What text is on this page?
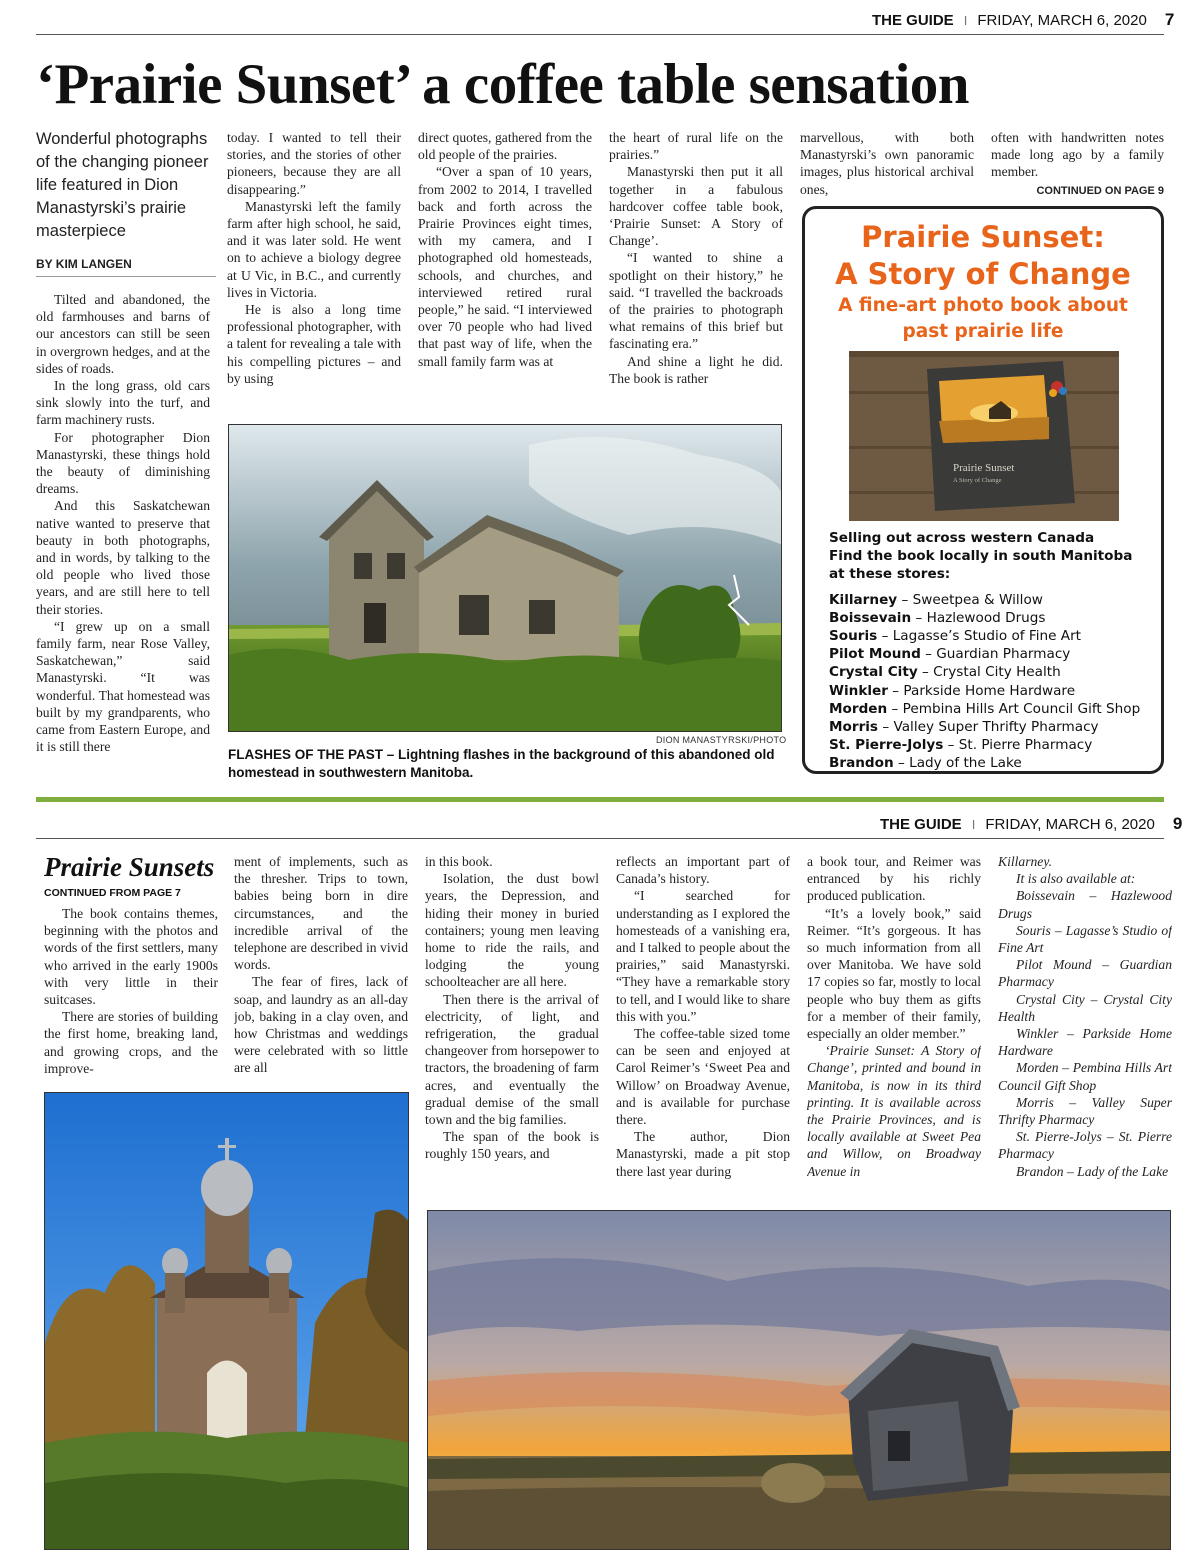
THE GUIDE I FRIDAY, MARCH 6, 2020 7
‘Prairie Sunset’ a coffee table sensation
Wonderful photographs of the changing pioneer life featured in Dion Manastyrski’s prairie masterpiece
BY KIM LANGEN

Tilted and abandoned, the old farmhouses and barns of our ancestors can still be seen in overgrown hedges, and at the sides of roads.

In the long grass, old cars sink slowly into the turf, and farm machinery rusts.

For photographer Dion Manastyrski, these things hold the beauty of diminishing dreams.

And this Saskatchewan native wanted to preserve that beauty in both photographs, and in words, by talking to the old people who lived those years, and are still here to tell their stories.

“I grew up on a small family farm, near Rose Valley, Saskatchewan,” said Manastyrski. “It was wonderful. That homestead was built by my grandparents, who came from Eastern Europe, and it is still there

today. I wanted to tell their stories, and the stories of other pioneers, because they are all disappearing.”

Manastyrski left the family farm after high school, he said, and it was later sold. He went on to achieve a biology degree at U Vic, in B.C., and currently lives in Victoria.

He is also a long time professional photographer, with a talent for revealing a tale with his compelling pictures – and by using

direct quotes, gathered from the old people of the prairies.

“Over a span of 10 years, from 2002 to 2014, I travelled back and forth across the Prairie Provinces eight times, with my camera, and I photographed old homesteads, schools, and churches, and interviewed retired rural people,” he said. “I interviewed over 70 people who had lived that past way of life, when the small family farm was at

the heart of rural life on the prairies.”

Manastyrski then put it all together in a fabulous hardcover coffee table book, ‘Prairie Sunset: A Story of Change’.

“I wanted to shine a spotlight on their history,” he said. “I travelled the backroads of the prairies to photograph what remains of this brief but fascinating era.”

And shine a light he did. The book is rather

marvellous, with both Manastyrski’s own panoramic images, plus historical archival ones,

often with handwritten notes made long ago by a family member.

CONTINUED ON PAGE 9
DION MANASTYRSKI/PHOTO
FLASHES OF THE PAST – Lightning flashes in the background of this abandoned old homestead in southwestern Manitoba.
Prairie Sunset:
A Story of Change
A fine-art photo book about
past prairie life
Prairie Sunset
A Story of Change
Selling out across western Canada
Find the book locally in south Manitoba
at these stores:
Killarney – Sweetpea & Willow
Boissevain – Hazlewood Drugs
Souris – Lagasse’s Studio of Fine Art
Pilot Mound – Guardian Pharmacy
Crystal City – Crystal City Health
Winkler – Parkside Home Hardware
Morden – Pembina Hills Art Council Gift Shop
Morris – Valley Super Thrifty Pharmacy
St. Pierre-Jolys – St. Pierre Pharmacy
Brandon – Lady of the Lake
THE GUIDE I FRIDAY, MARCH 6, 2020 9
Prairie Sunsets
CONTINUED FROM PAGE 7

The book contains themes, beginning with the photos and words of the first settlers, many who arrived in the early 1900s with very little in their suitcases.

There are stories of building the first home, breaking land, and growing crops, and the improve-

ment of implements, such as the thresher. Trips to town, babies being born in dire circumstances, and the incredible arrival of the telephone are described in vivid words.

The fear of fires, lack of soap, and laundry as an all-day job, baking in a clay oven, and how Christmas and weddings were celebrated with so little are all

in this book.

Isolation, the dust bowl years, the Depression, and hiding their money in buried containers; young men leaving home to ride the rails, and lodging the young schoolteacher are all here.

Then there is the arrival of electricity, of light, and refrigeration, the gradual changeover from horsepower to tractors, the broadening of farm acres, and eventually the gradual demise of the small town and the big families.

The span of the book is roughly 150 years, and

reflects an important part of Canada’s history.

“I searched for understanding as I explored the homesteads of a vanishing era, and I talked to people about the prairies,” said Manastyrski. “They have a remarkable story to tell, and I would like to share this with you.”

The coffee-table sized tome can be seen and enjoyed at Carol Reimer’s ‘Sweet Pea and Willow’ on Broadway Avenue, and is available for purchase there.

The author, Dion Manastyrski, made a pit stop there last year during

a book tour, and Reimer was entranced by his richly produced publication.

“It’s a lovely book,” said Reimer. “It’s gorgeous. It has so much information from all over Manitoba. We have sold 17 copies so far, mostly to local people who buy them as gifts for a member of their family, especially an older member.”

‘Prairie Sunset: A Story of Change’, printed and bound in Manitoba, is now in its third printing. It is available across the Prairie Provinces, and is locally available at Sweet Pea and Willow, on Broadway Avenue in

Killarney.

It is also available at:

Boissevain – Hazlewood Drugs

Souris – Lagasse’s Studio of Fine Art

Pilot Mound – Guardian Pharmacy

Crystal City – Crystal City Health

Winkler – Parkside Home Hardware

Morden – Pembina Hills Art Council Gift Shop

Morris – Valley Super Thrifty Pharmacy

St. Pierre-Jolys – St. Pierre Pharmacy

Brandon – Lady of the Lake
